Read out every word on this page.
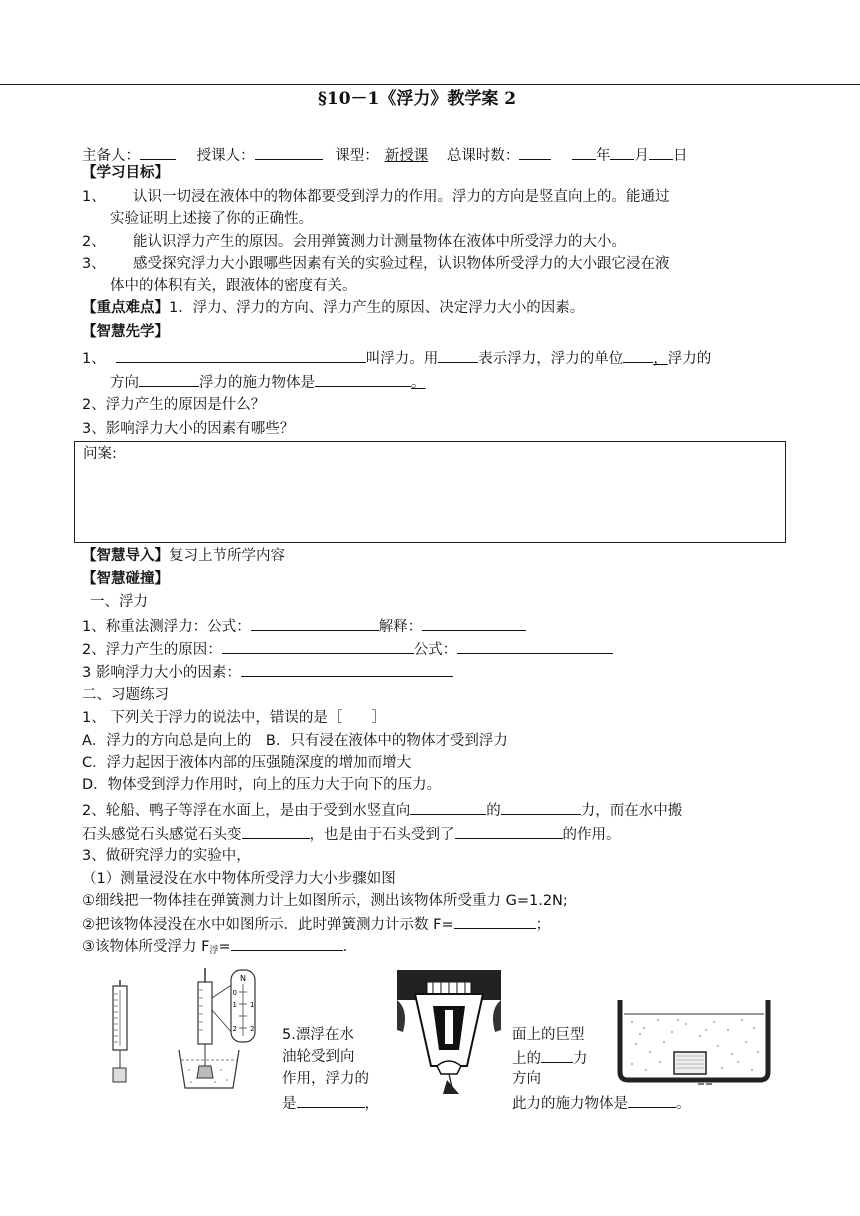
§10－1《浮力》教学案 2
主备人：	授课人：	课型： 新授课 总课时数：	年 月 日
【学习目标】
1、 认识一切浸在液体中的物体都要受到浮力的作用。浮力的方向是竖直向上的。能通过
实验证明上述接了你的正确性。
2、 能认识浮力产生的原因。会用弹簧测力计测量物体在液体中所受浮力的大小。
3、 感受探究浮力大小跟哪些因素有关的实验过程，认识物体所受浮力的大小跟它浸在液
体中的体积有关，跟液体的密度有关。
【重点难点】1．浮力、浮力的方向、浮力产生的原因、决定浮力大小的因素。
【智慧先学】
1、	叫浮力。用	表示浮力，浮力的单位 ，浮力的
方向	浮力的施力物体是	。
2、浮力产生的原因是什么？
3、影响浮力大小的因素有哪些？
问案:
【智慧导入】复习上节所学内容
【智慧碰撞】
一、浮力
1、称重法测浮力：公式：	解释：
2、浮力产生的原因：	公式：
3 影响浮力大小的因素：
二、习题练习
1、 下列关于浮力的说法中，错误的是［　　］
A．浮力的方向总是向上的　B．只有浸在液体中的物体才受到浮力
C．浮力起因于液体内部的压强随深度的增加而增大
D．物体受到浮力作用时，向上的压力大于向下的压力。
2、轮船、鸭子等浮在水面上，是由于受到水竖直向	的	力，而在水中搬
石头感觉石头感觉石头变	，也是由于石头受到了	的作用。
3、做研究浮力的实验中，
（1）测量浸没在水中物体所受浮力大小步骤如图
①细线把一物体挂在弹簧测力计上如图所示，测出该物体所受重力 G=1.2N;
②把该物体浸没在水中如图所示．此时弹簧测力计示数 F=	；
③该物体所受浮力 $F_浮=$	．
N
0
1 1
2 2 5.漂浮在水
油轮受到向
作用，浮力的
是	，
面上的巨型
上的 力
方向
此力的施力物体是	。
